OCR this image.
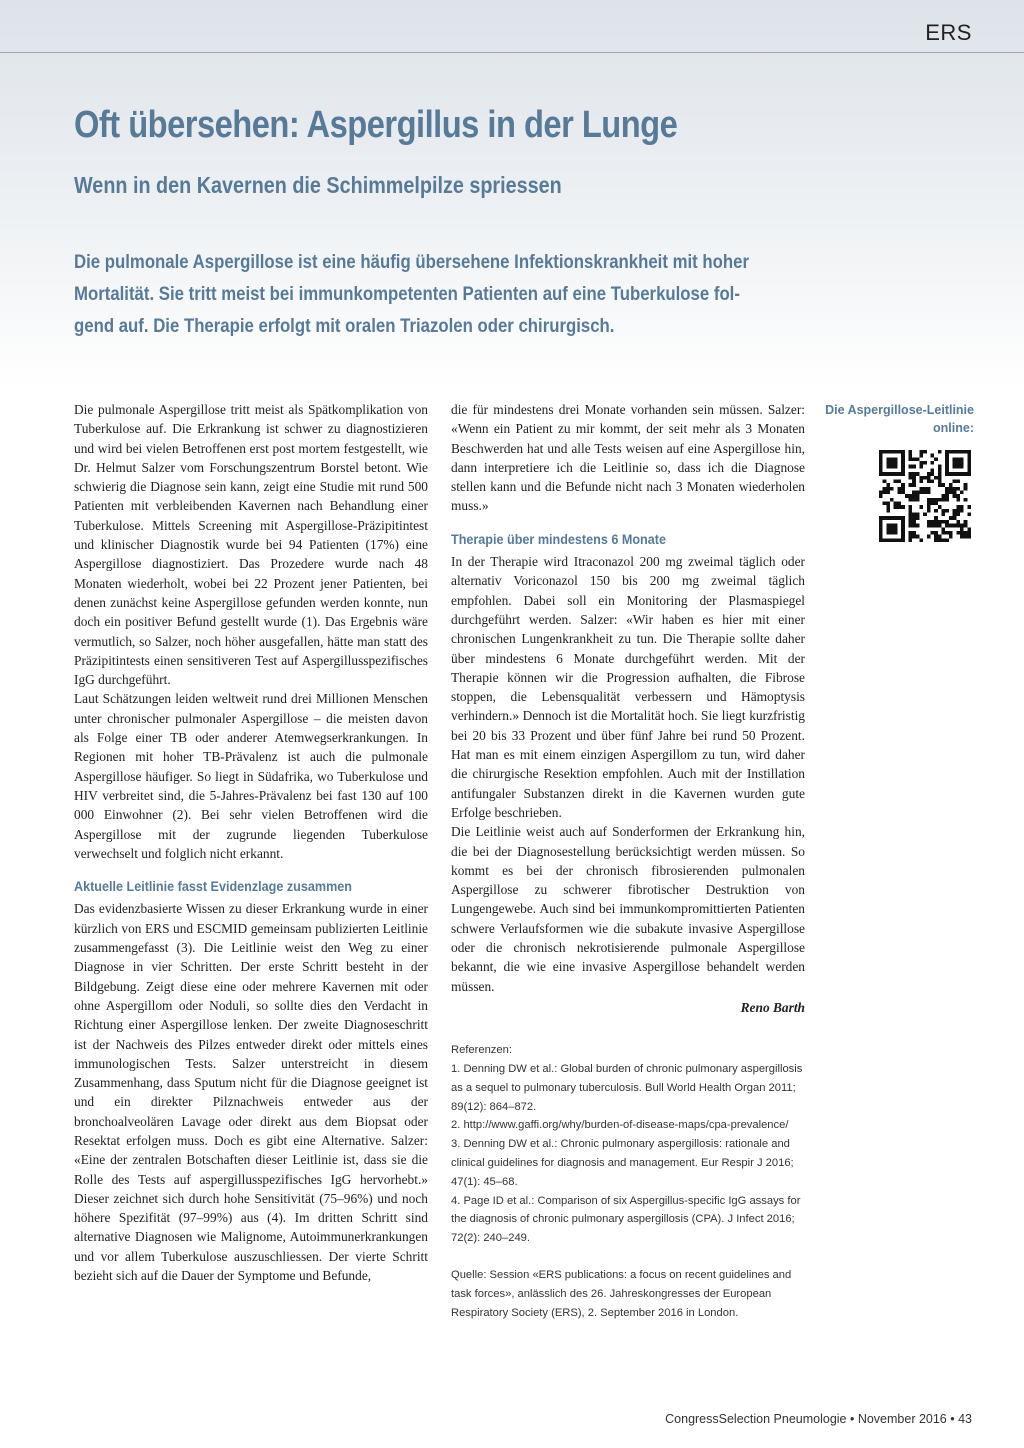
ERS
Oft übersehen: Aspergillus in der Lunge
Wenn in den Kavernen die Schimmelpilze spriessen
Die pulmonale Aspergillose ist eine häufig übersehene Infektionskrankheit mit hoher
Mortalität. Sie tritt meist bei immunkompetenten Patienten auf eine Tuberkulose fol-
gend auf. Die Therapie erfolgt mit oralen Triazolen oder chirurgisch.

Die pulmonale Aspergillose tritt meist als Spätkomplikation von Tuberkulose auf. Die Erkrankung ist schwer zu diagnostizieren und wird bei vielen Betroffenen erst post mortem festgestellt, wie Dr. Helmut Salzer vom Forschungszentrum Borstel betont. Wie schwierig die Diagnose sein kann, zeigt eine Studie mit rund 500 Patienten mit verbleibenden Kavernen nach Behandlung einer Tuberkulose. Mittels Screening mit Aspergillose-Präzipitintest und klinischer Diagnostik wurde bei 94 Patienten (17%) eine Aspergillose diagnostiziert. Das Prozedere wurde nach 48 Monaten wiederholt, wobei bei 22 Prozent jener Patienten, bei denen zunächst keine Aspergillose gefunden werden konnte, nun doch ein positiver Befund gestellt wurde (1). Das Ergebnis wäre vermutlich, so Salzer, noch höher ausgefallen, hätte man statt des Präzipitintests einen sensitiveren Test auf Aspergillusspezifisches IgG durchgeführt.

Laut Schätzungen leiden weltweit rund drei Millionen Menschen unter chronischer pulmonaler Aspergillose – die meisten davon als Folge einer TB oder anderer Atemwegserkrankungen. In Regionen mit hoher TB-Prävalenz ist auch die pulmonale Aspergillose häufiger. So liegt in Südafrika, wo Tuberkulose und HIV verbreitet sind, die 5-Jahres-Prävalenz bei fast 130 auf 100 000 Einwohner (2). Bei sehr vielen Betroffenen wird die Aspergillose mit der zugrunde liegenden Tuberkulose verwechselt und folglich nicht erkannt.

Aktuelle Leitlinie fasst Evidenzlage zusammen

Das evidenzbasierte Wissen zu dieser Erkrankung wurde in einer kürzlich von ERS und ESCMID gemeinsam publizierten Leitlinie zusammengefasst (3). Die Leitlinie weist den Weg zu einer Diagnose in vier Schritten. Der erste Schritt besteht in der Bildgebung. Zeigt diese eine oder mehrere Kavernen mit oder ohne Aspergillom oder Noduli, so sollte dies den Verdacht in Richtung einer Aspergillose lenken. Der zweite Diagnoseschritt ist der Nachweis des Pilzes entweder direkt oder mittels eines immunologischen Tests. Salzer unterstreicht in diesem Zusammenhang, dass Sputum nicht für die Diagnose geeignet ist und ein direkter Pilznachweis entweder aus der bronchoalveolären Lavage oder direkt aus dem Biopsat oder Resektat erfolgen muss. Doch es gibt eine Alternative. Salzer: «Eine der zentralen Botschaften dieser Leitlinie ist, dass sie die Rolle des Tests auf aspergillusspezifisches IgG hervorhebt.» Dieser zeichnet sich durch hohe Sensitivität (75–96%) und noch höhere Spezifität (97–99%) aus (4). Im dritten Schritt sind alternative Diagnosen wie Malignome, Autoimmunerkrankungen und vor allem Tuberkulose auszuschliessen. Der vierte Schritt bezieht sich auf die Dauer der Symptome und Befunde,

die für mindestens drei Monate vorhanden sein müssen. Salzer: «Wenn ein Patient zu mir kommt, der seit mehr als 3 Monaten Beschwerden hat und alle Tests weisen auf eine Aspergillose hin, dann interpretiere ich die Leitlinie so, dass ich die Diagnose stellen kann und die Befunde nicht nach 3 Monaten wiederholen muss.»

Therapie über mindestens 6 Monate

In der Therapie wird Itraconazol 200 mg zweimal täglich oder alternativ Voriconazol 150 bis 200 mg zweimal täglich empfohlen. Dabei soll ein Monitoring der Plasmaspiegel durchgeführt werden. Salzer: «Wir haben es hier mit einer chronischen Lungenkrankheit zu tun. Die Therapie sollte daher über mindestens 6 Monate durchgeführt werden. Mit der Therapie können wir die Progression aufhalten, die Fibrose stoppen, die Lebensqualität verbessern und Hämoptysis verhindern.» Dennoch ist die Mortalität hoch. Sie liegt kurzfristig bei 20 bis 33 Prozent und über fünf Jahre bei rund 50 Prozent. Hat man es mit einem einzigen Aspergillom zu tun, wird daher die chirurgische Resektion empfohlen. Auch mit der Instillation antifungaler Substanzen direkt in die Kavernen wurden gute Erfolge beschrieben.

Die Leitlinie weist auch auf Sonderformen der Erkrankung hin, die bei der Diagnosestellung berücksichtigt werden müssen. So kommt es bei der chronisch fibrosierenden pulmonalen Aspergillose zu schwerer fibrotischer Destruktion von Lungengewebe. Auch sind bei immunkompromittierten Patienten schwere Verlaufsformen wie die subakute invasive Aspergillose oder die chronisch nekrotisierende pulmonale Aspergillose bekannt, die wie eine invasive Aspergillose behandelt werden müssen.

Reno Barth

Referenzen:

1. Denning DW et al.: Global burden of chronic pulmonary aspergillosis as a sequel to pulmonary tuberculosis. Bull World Health Organ 2011; 89(12): 864–872.

2. http://www.gaffi.org/why/burden-of-disease-maps/cpa-prevalence/

3. Denning DW et al.: Chronic pulmonary aspergillosis: rationale and clinical guidelines for diagnosis and management. Eur Respir J 2016; 47(1): 45–68.

4. Page ID et al.: Comparison of six Aspergillus-specific IgG assays for the diagnosis of chronic pulmonary aspergillosis (CPA). J Infect 2016; 72(2): 240–249.

Quelle: Session «ERS publications: a focus on recent guidelines and task forces», anlässlich des 26. Jahreskongresses der European Respiratory Society (ERS), 2. September 2016 in London.

Die Aspergillose-Leitlinie online:
CongressSelection Pneumologie • November 2016 • 43
